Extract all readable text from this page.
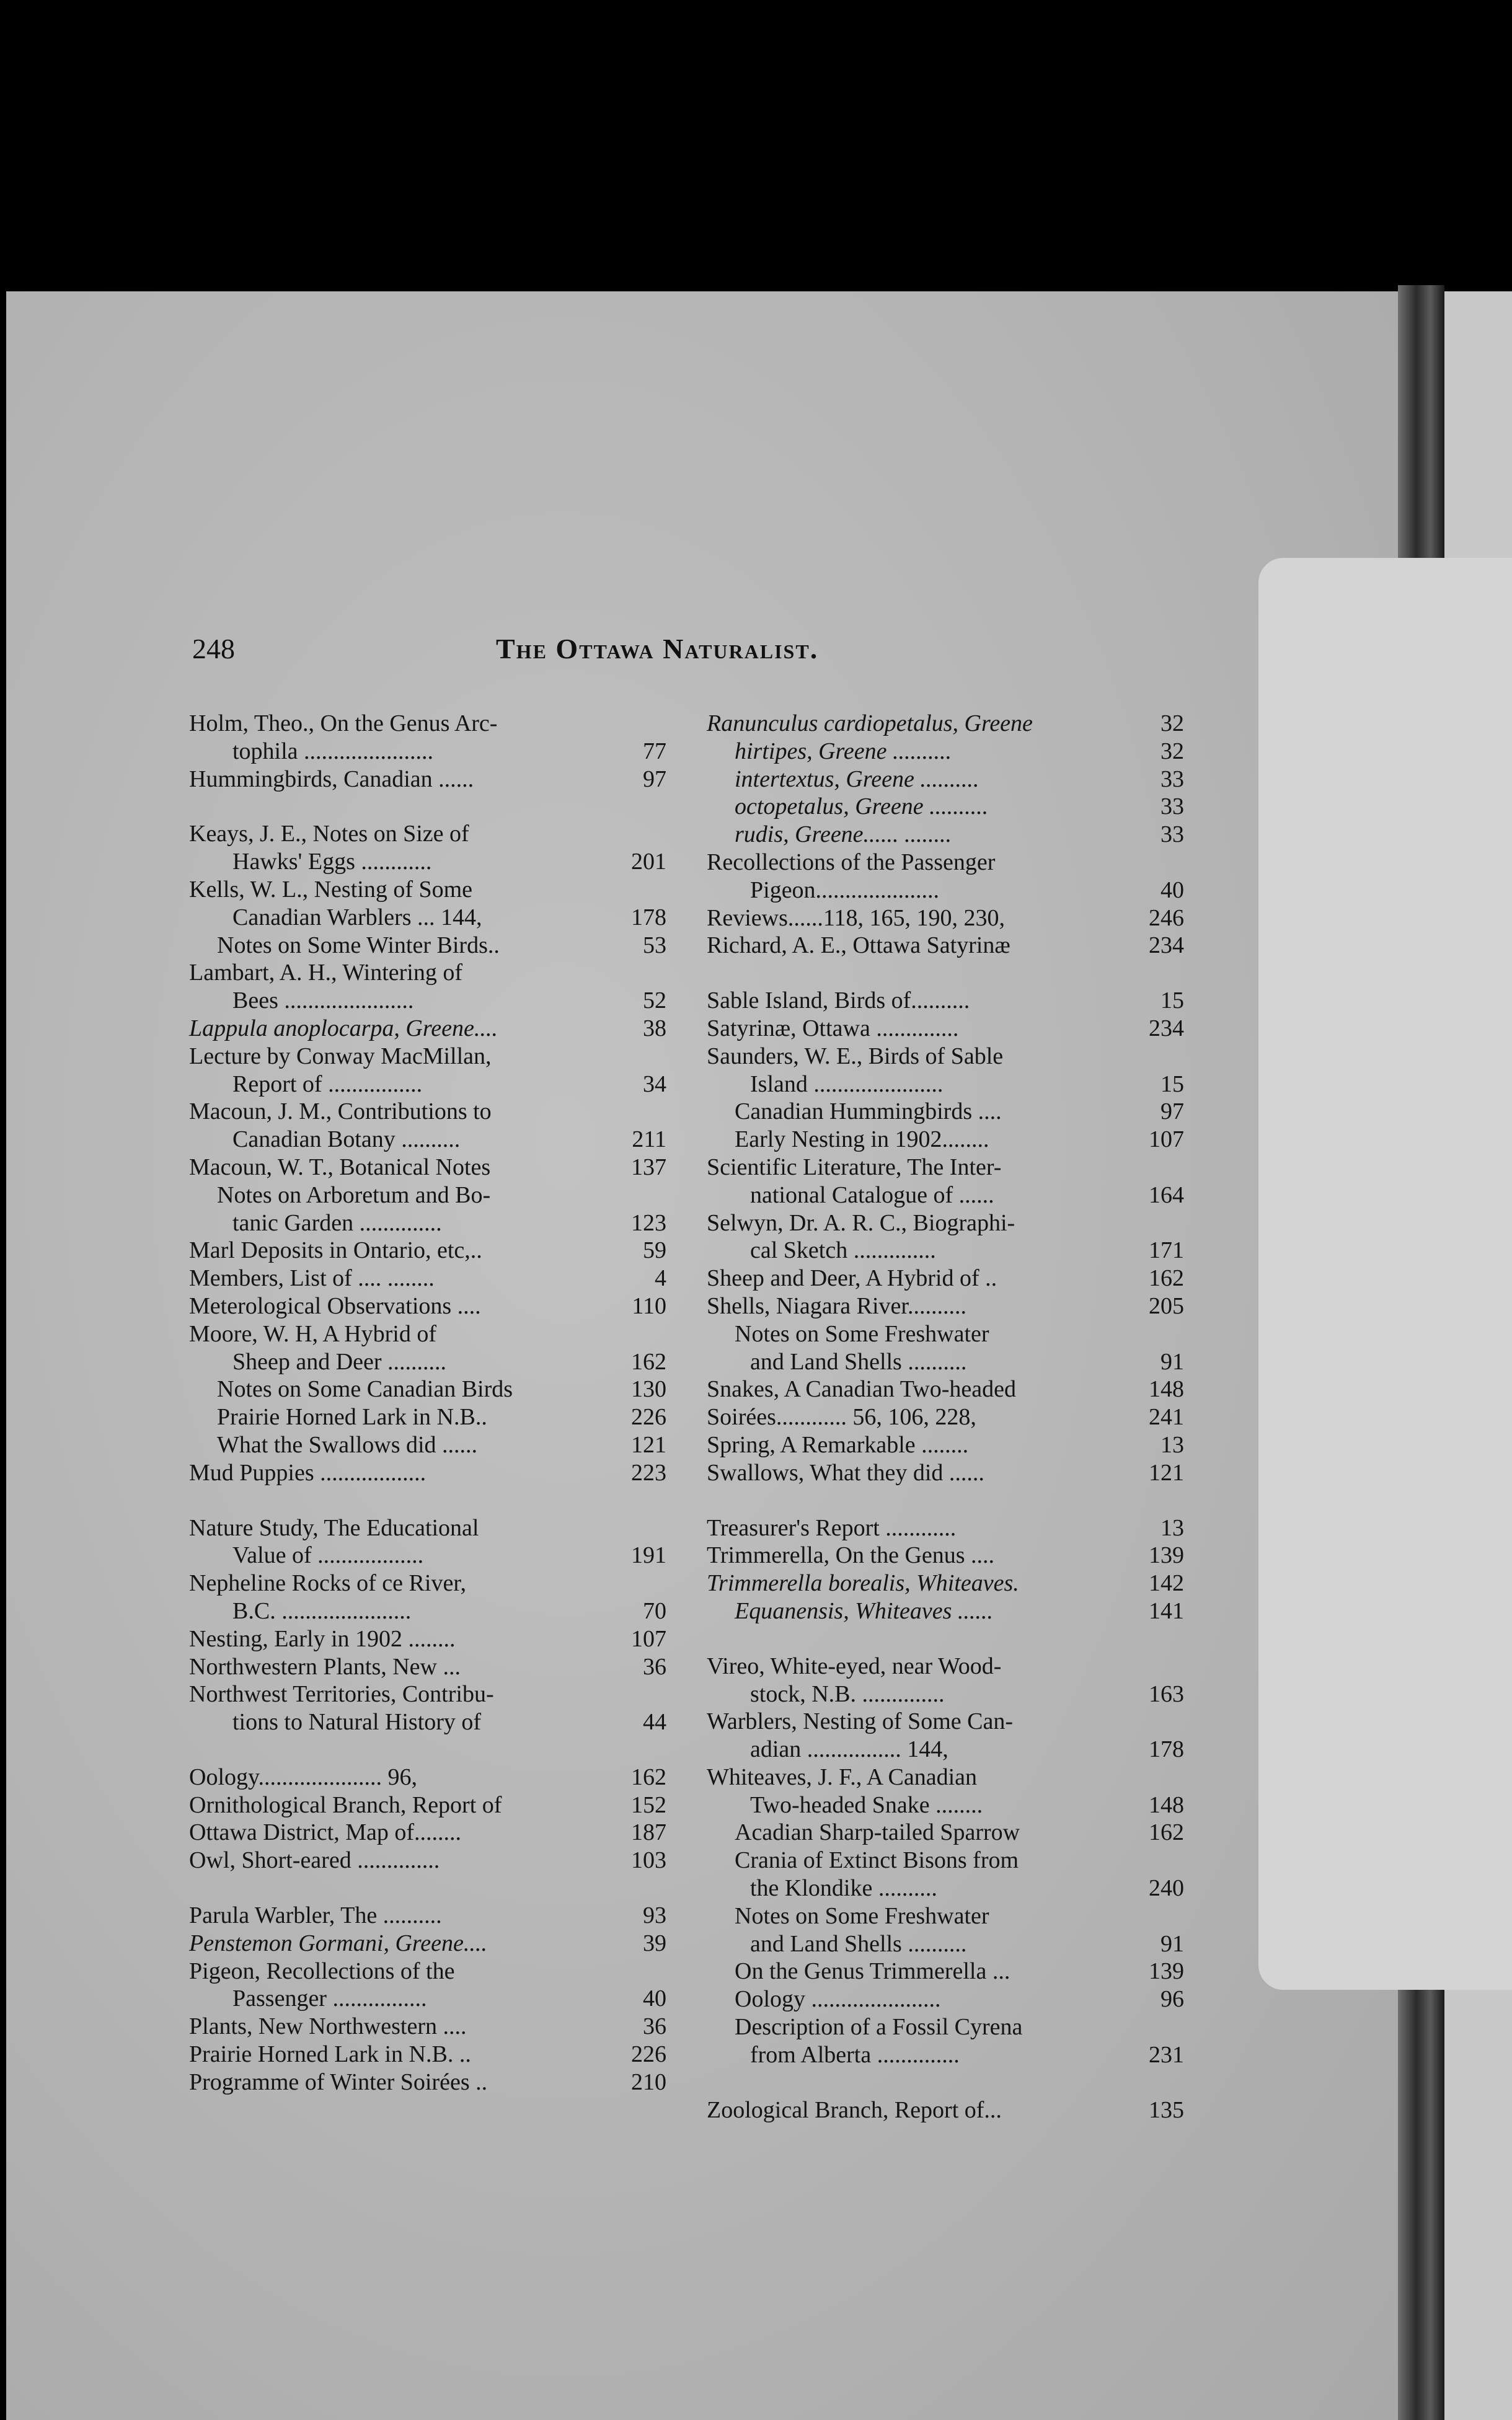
248	The Ottawa Naturalist.
Holm, Theo., On the Genus Arc-
tophila ......................	77
Hummingbirds, Canadian ......	97
Keays, J. E., Notes on Size of
Hawks' Eggs ............	201
Kells, W. L., Nesting of Some
Canadian Warblers ... 144,	178
Notes on Some Winter Birds..	53
Lambart, A. H., Wintering of
Bees ......................	52
Lappula anoplocarpa, Greene....	38
Lecture by Conway MacMillan,
Report of ................	34
Macoun, J. M., Contributions to
Canadian Botany ..........	211
Macoun, W. T., Botanical Notes	137
Notes on Arboretum and Bo-
tanic Garden ..............	123
Marl Deposits in Ontario, etc,..	59
Members, List of .... ........	4
Meterological Observations ....	110
Moore, W. H, A Hybrid of
Sheep and Deer ..........	162
Notes on Some Canadian Birds	130
Prairie Horned Lark in N.B..	226
What the Swallows did ......	121
Mud Puppies ..................	223
Nature Study, The Educational
Value of ..................	191
Nepheline Rocks of ce River,
B.C. ......................	70
Nesting, Early in 1902 ........	107
Northwestern Plants, New ...	36
Northwest Territories, Contribu-
tions to Natural History of	44
Oology..................... 96,	162
Ornithological Branch, Report of	152
Ottawa District, Map of........	187
Owl, Short-eared ..............	103
Parula Warbler, The ..........	93
Penstemon Gormani, Greene....	39
Pigeon, Recollections of the
Passenger ................	40
Plants, New Northwestern ....	36
Prairie Horned Lark in N.B. ..	226
Programme of Winter Soirées ..	210
Ranunculus cardiopetalus, Greene	32
hirtipes, Greene ..........	32
intertextus, Greene ..........	33
octopetalus, Greene ..........	33
rudis, Greene...... ........	33
Recollections of the Passenger
Pigeon.....................	40
Reviews......118, 165, 190, 230,	246
Richard, A. E., Ottawa Satyrinæ	234
Sable Island, Birds of..........	15
Satyrinæ, Ottawa ..............	234
Saunders, W. E., Birds of Sable
Island ......................	15
Canadian Hummingbirds ....	97
Early Nesting in 1902........	107
Scientific Literature, The Inter-
national Catalogue of ......	164
Selwyn, Dr. A. R. C., Biographi-
cal Sketch ..............	171
Sheep and Deer, A Hybrid of ..	162
Shells, Niagara River..........	205
Notes on Some Freshwater
and Land Shells ..........	91
Snakes, A Canadian Two-headed	148
Soirées............ 56, 106, 228,	241
Spring, A Remarkable ........	13
Swallows, What they did ......	121
Treasurer's Report ............	13
Trimmerella, On the Genus ....	139
Trimmerella borealis, Whiteaves.	142
Equanensis, Whiteaves ......	141
Vireo, White-eyed, near Wood-
stock, N.B. ..............	163
Warblers, Nesting of Some Can-
adian ................ 144,	178
Whiteaves, J. F., A Canadian
Two-headed Snake ........	148
Acadian Sharp-tailed Sparrow	162
Crania of Extinct Bisons from
the Klondike ..........	240
Notes on Some Freshwater
and Land Shells ..........	91
On the Genus Trimmerella ...	139
Oology ......................	96
Description of a Fossil Cyrena
from Alberta ..............	231
Zoological Branch, Report of...	135
